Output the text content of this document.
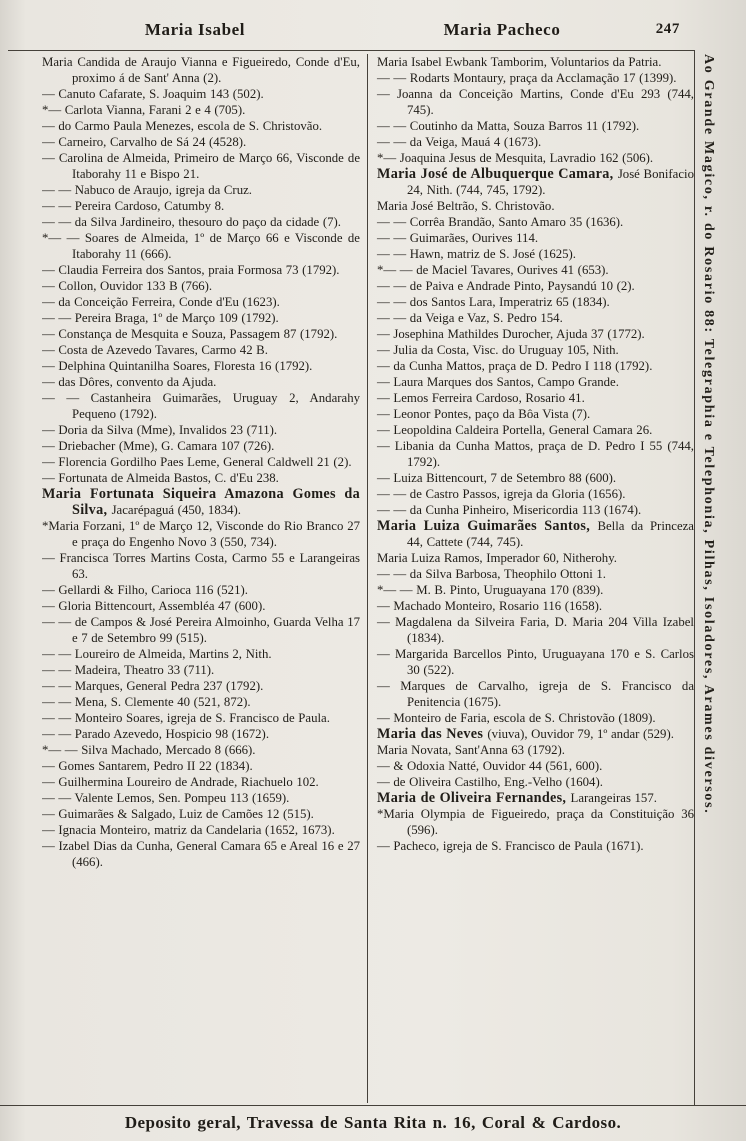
Maria Isabel	Maria Pacheco	247

Maria Candida de Araujo Vianna e Figueiredo, Conde d'Eu, proximo á de Sant' Anna (2).

— Canuto Cafarate, S. Joaquim 143 (502).

*— Carlota Vianna, Farani 2 e 4 (705).

— do Carmo Paula Menezes, escola de S. Christovão.

— Carneiro, Carvalho de Sá 24 (4528).

— Carolina de Almeida, Primeiro de Março 66, Visconde de Itaborahy 11 e Bispo 21.

— — Nabuco de Araujo, igreja da Cruz.

— — Pereira Cardoso, Catumby 8.

— — da Silva Jardineiro, thesouro do paço da cidade (7).

*— — Soares de Almeida, 1º de Março 66 e Visconde de Itaborahy 11 (666).

— Claudia Ferreira dos Santos, praia Formosa 73 (1792).

— Collon, Ouvidor 133 B (766).

— da Conceição Ferreira, Conde d'Eu (1623).

— — Pereira Braga, 1º de Março 109 (1792).

— Constança de Mesquita e Souza, Passagem 87 (1792).

— Costa de Azevedo Tavares, Carmo 42 B.

— Delphina Quintanilha Soares, Floresta 16 (1792).

— das Dôres, convento da Ajuda.

— — Castanheira Guimarães, Uruguay 2, Andarahy Pequeno (1792).

— Doria da Silva (Mme), Invalidos 23 (711).

— Driebacher (Mme), G. Camara 107 (726).

— Florencia Gordilho Paes Leme, General Caldwell 21 (2).

— Fortunata de Almeida Bastos, C. d'Eu 238.

Maria Fortunata Siqueira Amazona Gomes da Silva, Jacarépaguá (450, 1834).

*Maria Forzani, 1º de Março 12, Visconde do Rio Branco 27 e praça do Engenho Novo 3 (550, 734).

— Francisca Torres Martins Costa, Carmo 55 e Larangeiras 63.

— Gellardi & Filho, Carioca 116 (521).

— Gloria Bittencourt, Assembléa 47 (600).

— — de Campos & José Pereira Almoinho, Guarda Velha 17 e 7 de Setembro 99 (515).

— — Loureiro de Almeida, Martins 2, Nith.

— — Madeira, Theatro 33 (711).

— — Marques, General Pedra 237 (1792).

— — Mena, S. Clemente 40 (521, 872).

— — Monteiro Soares, igreja de S. Francisco de Paula.

— — Parado Azevedo, Hospicio 98 (1672).

*— — Silva Machado, Mercado 8 (666).

— Gomes Santarem, Pedro II 22 (1834).

— Guilhermina Loureiro de Andrade, Riachuelo 102.

— — Valente Lemos, Sen. Pompeu 113 (1659).

— Guimarães & Salgado, Luiz de Camões 12 (515).

— Ignacia Monteiro, matriz da Candelaria (1652, 1673).

— Izabel Dias da Cunha, General Camara 65 e Areal 16 e 27 (466).

Maria Isabel Ewbank Tamborim, Voluntarios da Patria.

— — Rodarts Montaury, praça da Acclamação 17 (1399).

— Joanna da Conceição Martins, Conde d'Eu 293 (744, 745).

— — Coutinho da Matta, Souza Barros 11 (1792).

— — da Veiga, Mauá 4 (1673).

*— Joaquina Jesus de Mesquita, Lavradio 162 (506).

Maria José de Albuquerque Camara, José Bonifacio 24, Nith. (744, 745, 1792).

Maria José Beltrão, S. Christovão.

— — Corrêa Brandão, Santo Amaro 35 (1636).

— — Guimarães, Ourives 114.

— — Hawn, matriz de S. José (1625).

*— — de Maciel Tavares, Ourives 41 (653).

— — de Paiva e Andrade Pinto, Paysandú 10 (2).

— — dos Santos Lara, Imperatriz 65 (1834).

— — da Veiga e Vaz, S. Pedro 154.

— Josephina Mathildes Durocher, Ajuda 37 (1772).

— Julia da Costa, Visc. do Uruguay 105, Nith.

— da Cunha Mattos, praça de D. Pedro I 118 (1792).

— Laura Marques dos Santos, Campo Grande.

— Lemos Ferreira Cardoso, Rosario 41.

— Leonor Pontes, paço da Bôa Vista (7).

— Leopoldina Caldeira Portella, General Camara 26.

— Libania da Cunha Mattos, praça de D. Pedro I 55 (744, 1792).

— Luiza Bittencourt, 7 de Setembro 88 (600).

— — de Castro Passos, igreja da Gloria (1656).

— — da Cunha Pinheiro, Misericordia 113 (1674).

Maria Luiza Guimarães Santos, Bella da Princeza 44, Cattete (744, 745).

Maria Luiza Ramos, Imperador 60, Nitherohy.

— — da Silva Barbosa, Theophilo Ottoni 1.

*— — M. B. Pinto, Uruguayana 170 (839).

— Machado Monteiro, Rosario 116 (1658).

— Magdalena da Silveira Faria, D. Maria 204 Villa Izabel (1834).

— Margarida Barcellos Pinto, Uruguayana 170 e S. Carlos 30 (522).

— Marques de Carvalho, igreja de S. Francisco da Penitencia (1675).

— Monteiro de Faria, escola de S. Christovão (1809).

Maria das Neves (viuva), Ouvidor 79, 1º andar (529).

Maria Novata, Sant'Anna 63 (1792).

— & Odoxia Natté, Ouvidor 44 (561, 600).

— de Oliveira Castilho, Eng.-Velho (1604).

Maria de Oliveira Fernandes, Larangeiras 157.

*Maria Olympia de Figueiredo, praça da Constituição 36 (596).

— Pacheco, igreja de S. Francisco de Paula (1671).

Ao Grande Magico, r. do Rosario 88: Telegraphia e Telephonia, Pilhas, Isoladores, Arames diversos.
Deposito geral, Travessa de Santa Rita n. 16, Coral & Cardoso.
